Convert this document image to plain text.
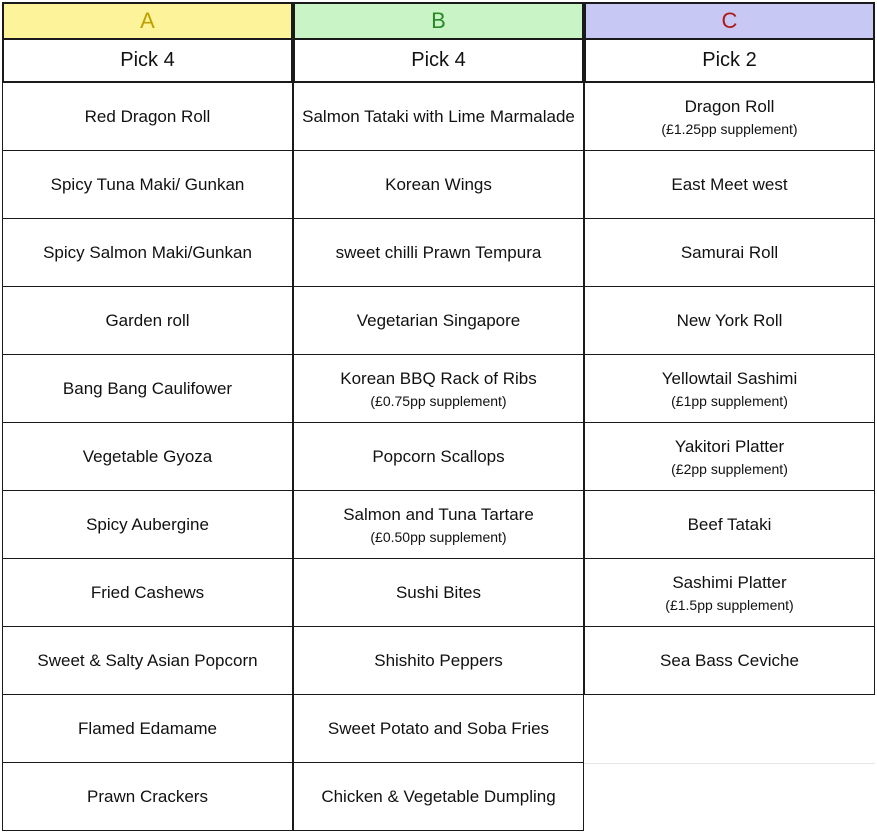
A
Pick 4
Red Dragon Roll
Spicy Tuna Maki/ Gunkan
Spicy Salmon Maki/Gunkan
Garden roll
Bang Bang Caulifower
Vegetable Gyoza
Spicy Aubergine
Fried Cashews
Sweet & Salty Asian Popcorn
Flamed Edamame
Prawn Crackers
B
Pick 4
Salmon Tataki with Lime Marmalade
Korean Wings
sweet chilli Prawn Tempura
Vegetarian Singapore
Korean BBQ Rack of Ribs
(£0.75pp supplement)
Popcorn Scallops
Salmon and Tuna Tartare
(£0.50pp supplement)
Sushi Bites
Shishito Peppers
Sweet Potato and Soba Fries
Chicken & Vegetable Dumpling
C
Pick 2
Dragon Roll
(£1.25pp supplement)
East Meet west
Samurai Roll
New York Roll
Yellowtail Sashimi
(£1pp supplement)
Yakitori Platter
(£2pp supplement)
Beef Tataki
Sashimi Platter
(£1.5pp supplement)
Sea Bass Ceviche
